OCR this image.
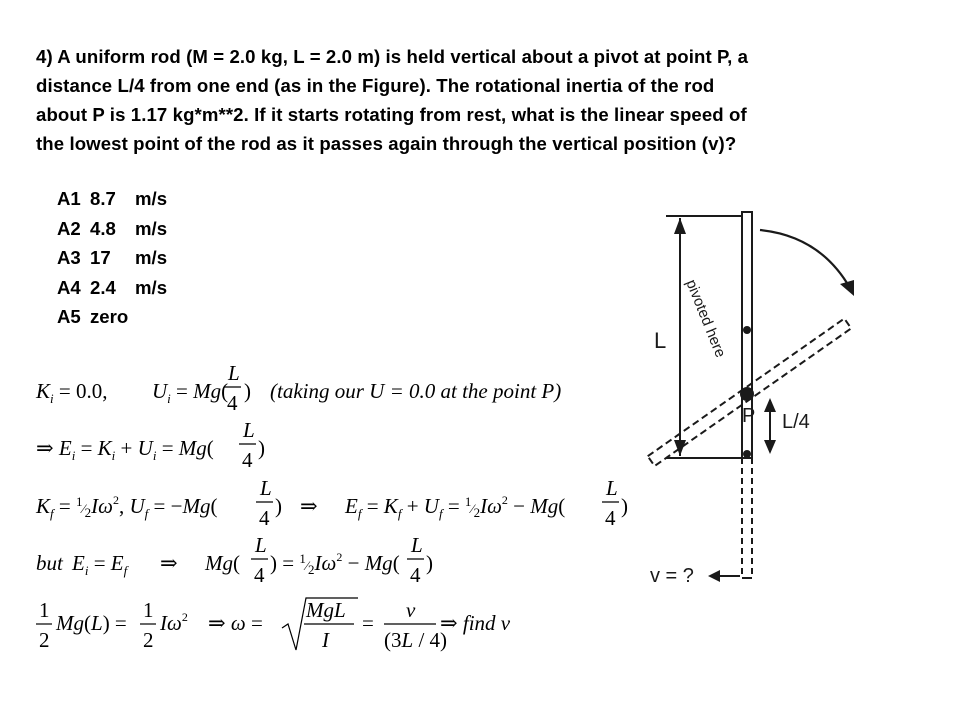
4) A uniform rod (M = 2.0 kg, L = 2.0 m) is held vertical about a pivot at point P, a
distance L/4 from one end (as in the Figure). The rotational inertia of the rod
about P is 1.17 kg*m**2. If it starts rotating from rest, what is the linear speed of
the lowest point of the rod as it passes again through the vertical position (v)?
A1 8.7	m/s
A2 4.8	m/s
A3 17	m/s
A4 2.4	m/s
A5 zero
$K_i = 0.0$, $U_i = Mg$(
L
4 ) (taking our U = 0.0 at the point P)
⇒ $E_i = K_i + U_i = Mg$(
L
4 )
$K_f = ^1_⁄2I\omega^2$, $U_f = -Mg$(
L
4 ) ⇒ $E_f = K_f + U_f = ^1_⁄2I\omega^2 - Mg$(
L
4 )
but $E_i = E_f$ ⇒ Mg(
L
4 ) = $^1_⁄2I\omega^2 - Mg$(
L
4 )
1
2
Mg(L) =
1
2
$I\omega^2$ ⇒ ω =
MgL
I
=
v
(3L / 4)
⇒ find v
L pivoted here
P L/4
v = ?
